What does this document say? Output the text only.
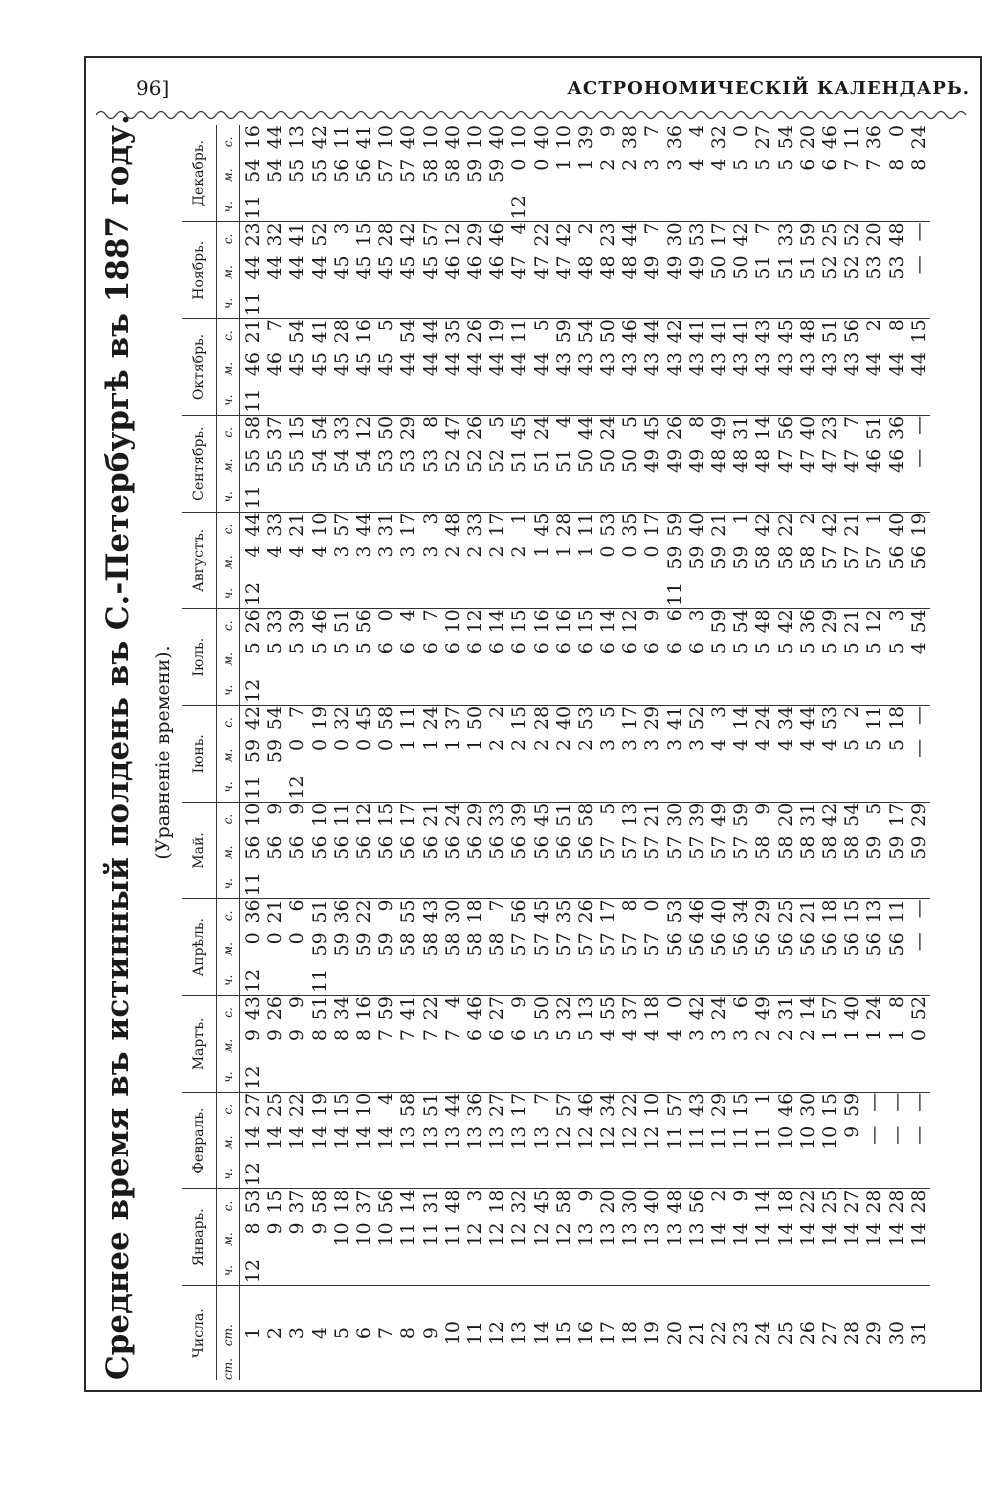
96]	АСТРОНОМИЧЕСКІЙ КАЛЕНДАРЬ.
Среднее время въ истинный полдень въ С.-Петербургѣ въ 1887 году. (Уравненіе времени).
Числа.	Январь.			Февраль.			Мартъ.			Апрѣль.			Май.			Іюнь.			Іюль.			Августъ.			Сентябрь.			Октябрь.			Ноябрь.			Декабрь.		
ст.ст.	ч.	м.	с.	ч.	м.	с.	ч.	м.	с.	ч.	м.	с.	ч.	м.	с.	ч.	м.	с.	ч.	м.	с.	ч.	м.	с.	ч.	м.	с.	ч.	м.	с.	ч.	м.	с.	ч.	м.	с.
1	12	8	53	12	14	27	12	9	43	12	0	36	11	56	10	11	59	42	12	5	26	12	4	44	11	55	58	11	46	21	11	44	23	11	54	16
2		9	15		14	25		9	26		0	21		56	9		59	54		5	33		4	33		55	37		46	7		44	32		54	44
3		9	37		14	22		9	9		0	6		56	9	12	0	7		5	39		4	21		55	15		45	54		44	41		55	13
4		9	58		14	19		8	51	11	59	51		56	10		0	19		5	46		4	10		54	54		45	41		44	52		55	42
5		10	18		14	15		8	34		59	36		56	11		0	32		5	51		3	57		54	33		45	28		45	3		56	11
6		10	37		14	10		8	16		59	22		56	12		0	45		5	56		3	44		54	12		45	16		45	15		56	41
7		10	56		14	4		7	59		59	9		56	15		0	58		6	0		3	31		53	50		45	5		45	28		57	10
8		11	14		13	58		7	41		58	55		56	17		1	11		6	4		3	17		53	29		44	54		45	42		57	40
9		11	31		13	51		7	22		58	43		56	21		1	24		6	7		3	3		53	8		44	44		45	57		58	10
10		11	48		13	44		7	4		58	30		56	24		1	37		6	10		2	48		52	47		44	35		46	12		58	40
11		12	3		13	36		6	46		58	18		56	29		1	50		6	12		2	33		52	26		44	26		46	29		59	10
12		12	18		13	27		6	27		58	7		56	33		2	2		6	14		2	17		52	5		44	19		46	46		59	40
13		12	32		13	17		6	9		57	56		56	39		2	15		6	15		2	1		51	45		44	11		47	4	12	0	10
14		12	45		13	7		5	50		57	45		56	45		2	28		6	16		1	45		51	24		44	5		47	22		0	40
15		12	58		12	57		5	32		57	35		56	51		2	40		6	16		1	28		51	4		43	59		47	42		1	10
16		13	9		12	46		5	13		57	26		56	58		2	53		6	15		1	11		50	44		43	54		48	2		1	39
17		13	20		12	34		4	55		57	17		57	5		3	5		6	14		0	53		50	24		43	50		48	23		2	9
18		13	30		12	22		4	37		57	8		57	13		3	17		6	12		0	35		50	5		43	46		48	44		2	38
19		13	40		12	10		4	18		57	0		57	21		3	29		6	9		0	17		49	45		43	44		49	7		3	7
20		13	48		11	57		4	0		56	53		57	30		3	41		6	6	11	59	59		49	26		43	42		49	30		3	36
21		13	56		11	43		3	42		56	46		57	39		3	52		6	3		59	40		49	8		43	41		49	53		4	4
22		14	2		11	29		3	24		56	40		57	49		4	3		5	59		59	21		48	49		43	41		50	17		4	32
23		14	9		11	15		3	6		56	34		57	59		4	14		5	54		59	1		48	31		43	41		50	42		5	0
24		14	14		11	1		2	49		56	29		58	9		4	24		5	48		58	42		48	14		43	43		51	7		5	27
25		14	18		10	46		2	31		56	25		58	20		4	34		5	42		58	22		47	56		43	45		51	33		5	54
26		14	22		10	30		2	14		56	21		58	31		4	44		5	36		58	2		47	40		43	48		51	59		6	20
27		14	25		10	15		1	57		56	18		58	42		4	53		5	29		57	42		47	23		43	51		52	25		6	46
28		14	27		9	59		1	40		56	15		58	54		5	2		5	21		57	21		47	7		43	56		52	52		7	11
29		14	28		—	—		1	24		56	13		59	5		5	11		5	12		57	1		46	51		44	2		53	20		7	36
30		14	28		—	—		1	8		56	11		59	17		5	18		5	3		56	40		46	36		44	8		53	48		8	0
31		14	28		—	—		0	52		—	—		59	29		—	—		4	54		56	19		—	—		44	15		—	—		8	24
